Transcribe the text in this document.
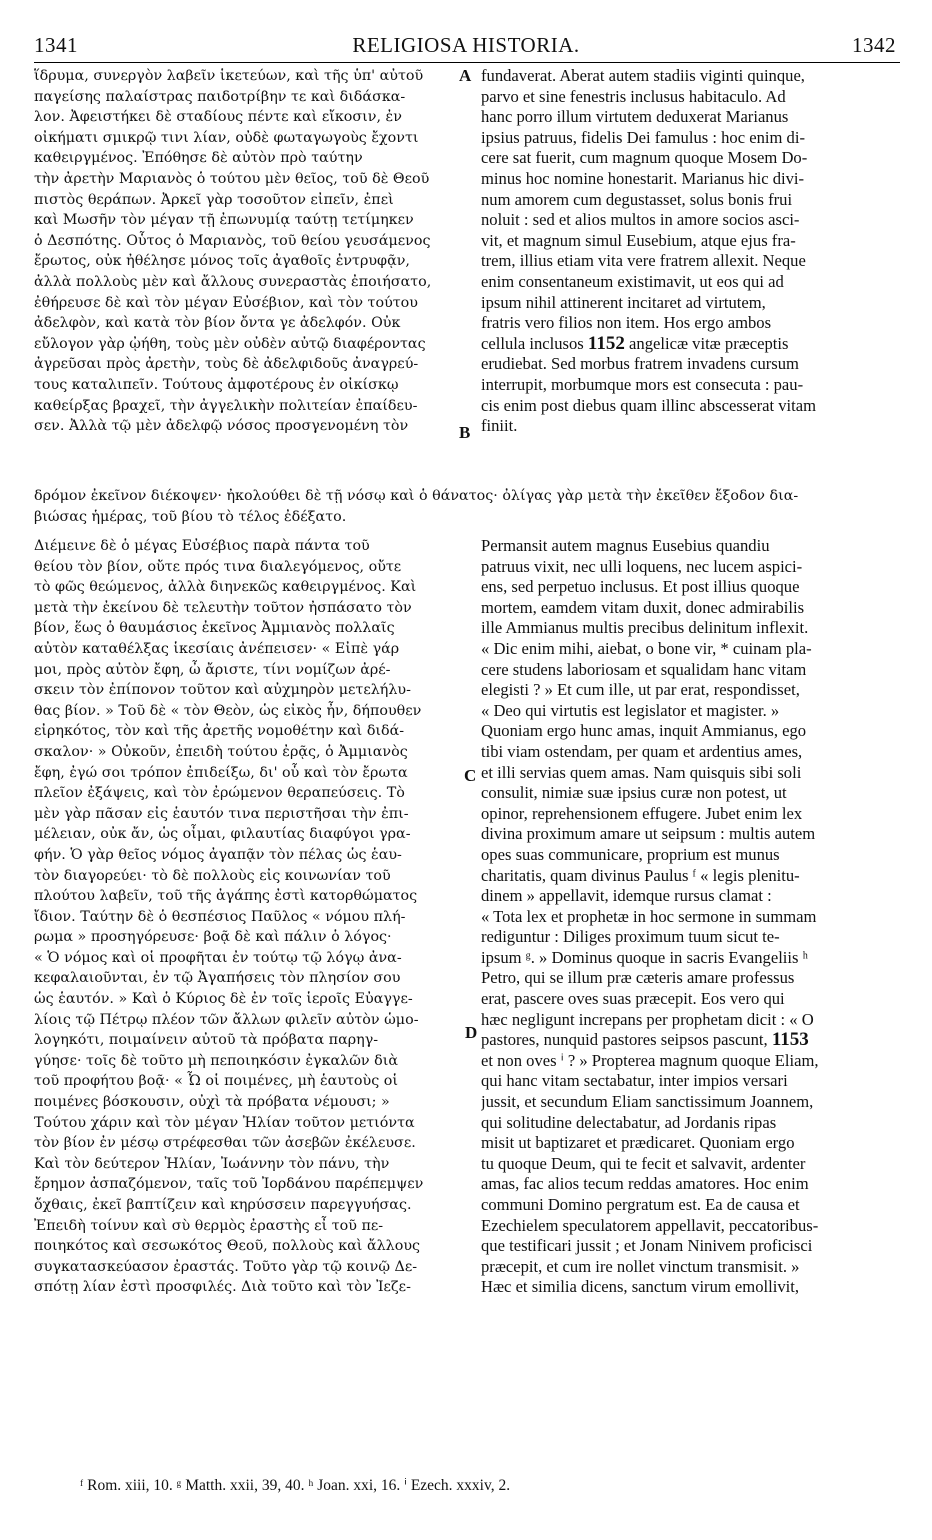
1341	RELIGIOSA HISTORIA.	1342
A
B
C
D
ἵδρυμα, συνεργὸν λαβεῖν ἱκετεύων, καὶ τῆς ὑπ' αὐτοῦ
παγείσης παλαίστρας παιδοτρίβην τε καὶ διδάσκα-
λον. Ἀφειστήκει δὲ σταδίους πέντε καὶ εἴκοσιν, ἐν
οἰκήματι σμικρῷ τινι λίαν, οὐδὲ φωταγωγοὺς ἔχοντι
καθειργμένος. Ἐπόθησε δὲ αὐτὸν πρὸ ταύτην
τὴν ἀρετὴν Μαριανὸς ὁ τούτου μὲν θεῖος, τοῦ δὲ Θεοῦ
πιστὸς θεράπων. Ἀρκεῖ γὰρ τοσοῦτον εἰπεῖν, ἐπεὶ
καὶ Μωσῆν τὸν μέγαν τῇ ἐπωνυμίᾳ ταύτῃ τετίμηκεν
ὁ Δεσπότης. Οὗτος ὁ Μαριανὸς, τοῦ θείου γευσάμενος
ἔρωτος, οὐκ ἠθέλησε μόνος τοῖς ἀγαθοῖς ἐντρυφᾷν,
ἀλλὰ πολλοὺς μὲν καὶ ἄλλους συνεραστὰς ἐποιήσατο,
ἐθήρευσε δὲ καὶ τὸν μέγαν Εὐσέβιον, καὶ τὸν τούτου
ἀδελφὸν, καὶ κατὰ τὸν βίον ὄντα γε ἀδελφόν. Οὐκ
εὔλογον γὰρ ᾠήθη, τοὺς μὲν οὐδὲν αὐτῷ διαφέροντας
ἀγρεῦσαι πρὸς ἀρετὴν, τοὺς δὲ ἀδελφιδοῦς ἀναγρεύ-
τους καταλιπεῖν. Τούτους ἀμφοτέρους ἐν οἰκίσκῳ
καθείρξας βραχεῖ, τὴν ἀγγελικὴν πολιτείαν ἐπαίδευ-
σεν. Ἀλλὰ τῷ μὲν ἀδελφῷ νόσος προσγενομένη τὸν
fundaverat. Aberat autem stadiis viginti quinque,
parvo et sine fenestris inclusus habitaculo. Ad
hanc porro illum virtutem deduxerat Marianus
ipsius patruus, fidelis Dei famulus : hoc enim di-
cere sat fuerit, cum magnum quoque Mosem Do-
minus hoc nomine honestarit. Marianus hic divi-
num amorem cum degustasset, solus bonis frui
noluit : sed et alios multos in amore socios asci-
vit, et magnum simul Eusebium, atque ejus fra-
trem, illius etiam vita vere fratrem allexit. Neque
enim consentaneum existimavit, ut eos qui ad
ipsum nihil attinerent incitaret ad virtutem,
fratris vero filios non item. Hos ergo ambos
cellula inclusos 1152 angelicæ vitæ præceptis
erudiebat. Sed morbus fratrem invadens cursum
interrupit, morbumque mors est consecuta : pau-
cis enim post diebus quam illinc abscesserat vitam
finiit.
δρόμον ἐκεῖνον διέκοψεν· ἠκολούθει δὲ τῇ νόσῳ καὶ ὁ θάνατος· ὀλίγας γὰρ μετὰ τὴν ἐκεῖθεν ἔξοδον δια-
βιώσας ἡμέρας, τοῦ βίου τὸ τέλος ἐδέξατο.
Διέμεινε δὲ ὁ μέγας Εὐσέβιος παρὰ πάντα τοῦ
θείου τὸν βίον, οὔτε πρός τινα διαλεγόμενος, οὔτε
τὸ φῶς θεώμενος, ἀλλὰ διηνεκῶς καθειργμένος. Καὶ
μετὰ τὴν ἐκείνου δὲ τελευτὴν τοῦτον ἠσπάσατο τὸν
βίον, ἕως ὁ θαυμάσιος ἐκεῖνος Ἀμμιανὸς πολλαῖς
αὐτὸν καταθέλξας ἱκεσίαις ἀνέπεισεν· « Εἰπὲ γάρ
μοι, πρὸς αὐτὸν ἔφη, ὦ ἄριστε, τίνι νομίζων ἀρέ-
σκειν τὸν ἐπίπονον τοῦτον καὶ αὐχμηρὸν μετελήλυ-
θας βίον. » Τοῦ δὲ « τὸν Θεὸν, ὡς εἰκὸς ἦν, δήπουθεν
εἰρηκότος, τὸν καὶ τῆς ἀρετῆς νομοθέτην καὶ διδά-
σκαλον· » Οὐκοῦν, ἐπειδὴ τούτου ἐρᾷς, ὁ Ἀμμιανὸς
ἔφη, ἐγώ σοι τρόπον ἐπιδείξω, δι' οὗ καὶ τὸν ἔρωτα
πλεῖον ἐξάψεις, καὶ τὸν ἐρώμενον θεραπεύσεις. Τὸ
μὲν γὰρ πᾶσαν εἰς ἑαυτόν τινα περιστῆσαι τὴν ἐπι-
μέλειαν, οὐκ ἄν, ὡς οἶμαι, φιλαυτίας διαφύγοι γρα-
φήν. Ὁ γὰρ θεῖος νόμος ἀγαπᾷν τὸν πέλας ὡς ἑαυ-
τὸν διαγορεύει· τὸ δὲ πολλοὺς εἰς κοινωνίαν τοῦ
πλούτου λαβεῖν, τοῦ τῆς ἀγάπης ἐστὶ κατορθώματος
ἴδιον. Ταύτην δὲ ὁ θεσπέσιος Παῦλος « νόμου πλή-
ρωμα » προσηγόρευσε· βοᾷ δὲ καὶ πάλιν ὁ λόγος·
« Ὁ νόμος καὶ οἱ προφῆται ἐν τούτῳ τῷ λόγῳ ἀνα-
κεφαλαιοῦνται, ἐν τῷ Ἀγαπήσεις τὸν πλησίον σου
ὡς ἑαυτόν. » Καὶ ὁ Κύριος δὲ ἐν τοῖς ἱεροῖς Εὐαγγε-
λίοις τῷ Πέτρῳ πλέον τῶν ἄλλων φιλεῖν αὐτὸν ὡμο-
λογηκότι, ποιμαίνειν αὐτοῦ τὰ πρόβατα παρηγ-
γύησε· τοῖς δὲ τοῦτο μὴ πεποιηκόσιν ἐγκαλῶν διὰ
τοῦ προφήτου βοᾷ· « Ὦ οἱ ποιμένες, μὴ ἑαυτοὺς οἱ
ποιμένες βόσκουσιν, οὐχὶ τὰ πρόβατα νέμουσι; »
Τούτου χάριν καὶ τὸν μέγαν Ἠλίαν τοῦτον μετιόντα
τὸν βίον ἐν μέσῳ στρέφεσθαι τῶν ἀσεβῶν ἐκέλευσε.
Καὶ τὸν δεύτερον Ἠλίαν, Ἰωάννην τὸν πάνυ, τὴν
ἔρημον ἀσπαζόμενον, ταῖς τοῦ Ἰορδάνου παρέπεμψεν
ὄχθαις, ἐκεῖ βαπτίζειν καὶ κηρύσσειν παρεγγυήσας.
Ἐπειδὴ τοίνυν καὶ σὺ θερμὸς ἐραστὴς εἶ τοῦ πε-
ποιηκότος καὶ σεσωκότος Θεοῦ, πολλοὺς καὶ ἄλλους
συγκατασκεύασον ἐραστάς. Τοῦτο γὰρ τῷ κοινῷ Δε-
σπότῃ λίαν ἐστὶ προσφιλές. Διὰ τοῦτο καὶ τὸν Ἰεζε-
Permansit autem magnus Eusebius quandiu
patruus vixit, nec ulli loquens, nec lucem aspici-
ens, sed perpetuo inclusus. Et post illius quoque
mortem, eamdem vitam duxit, donec admirabilis
ille Ammianus multis precibus delinitum inflexit.
« Dic enim mihi, aiebat, o bone vir, * cuinam pla-
cere studens laboriosam et squalidam hanc vitam
elegisti ? » Et cum ille, ut par erat, respondisset,
« Deo qui virtutis est legislator et magister. »
Quoniam ergo hunc amas, inquit Ammianus, ego
tibi viam ostendam, per quam et ardentius ames,
et illi servias quem amas. Nam quisquis sibi soli
consulit, nimiæ suæ ipsius curæ non potest, ut
opinor, reprehensionem effugere. Jubet enim lex
divina proximum amare ut seipsum : multis autem
opes suas communicare, proprium est munus
charitatis, quam divinus Paulus ᶠ « legis plenitu-
dinem » appellavit, idemque rursus clamat :
« Tota lex et prophetæ in hoc sermone in summam
rediguntur : Diliges proximum tuum sicut te-
ipsum ᵍ. » Dominus quoque in sacris Evangeliis ʰ
Petro, qui se illum præ cæteris amare professus
erat, pascere oves suas præcepit. Eos vero qui
hæc negligunt increpans per prophetam dicit : « O
pastores, nunquid pastores seipsos pascunt, 1153
et non oves ⁱ ? » Propterea magnum quoque Eliam,
qui hanc vitam sectabatur, inter impios versari
jussit, et secundum Eliam sanctissimum Joannem,
qui solitudine delectabatur, ad Jordanis ripas
misit ut baptizaret et prædicaret. Quoniam ergo
tu quoque Deum, qui te fecit et salvavit, ardenter
amas, fac alios tecum reddas amatores. Hoc enim
communi Domino pergratum est. Ea de causa et
Ezechielem speculatorem appellavit, peccatoribus-
que testificari jussit ; et Jonam Ninivem proficisci
præcepit, et cum ire nollet vinctum transmisit. »
Hæc et similia dicens, sanctum virum emollivit,
ᶠ Rom. xiii, 10. ᵍ Matth. xxii, 39, 40. ʰ Joan. xxi, 16. ⁱ Ezech. xxxiv, 2.
